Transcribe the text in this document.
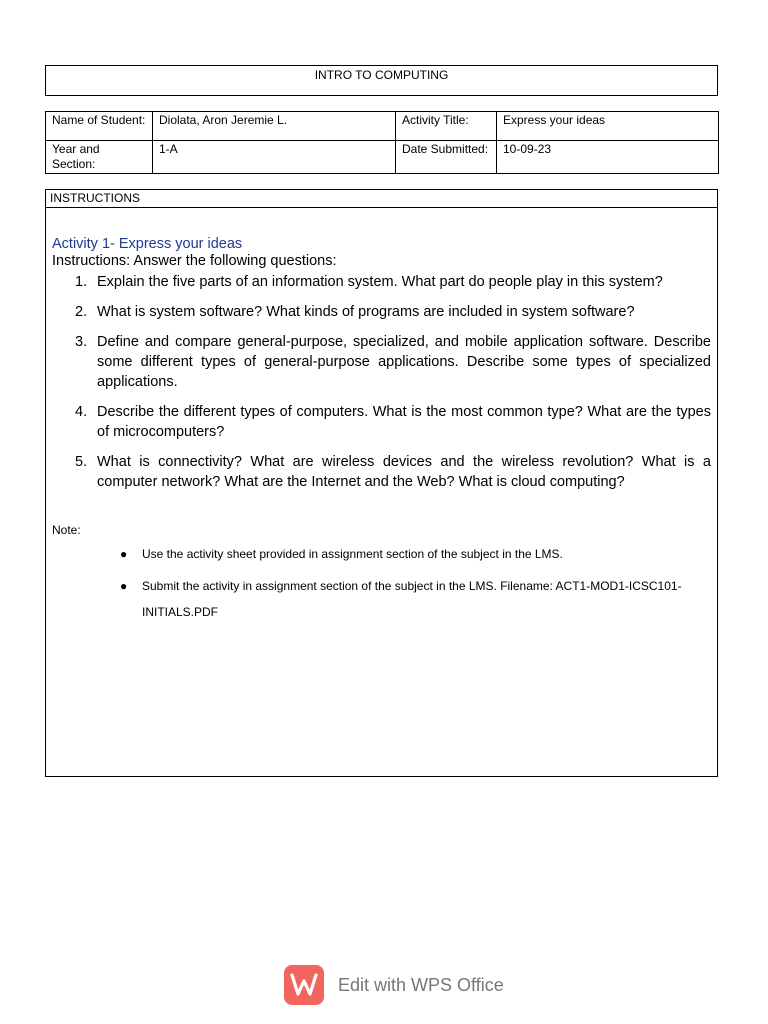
INTRO TO COMPUTING
Name of Student:	Diolata, Aron Jeremie L.	Activity Title:	Express your ideas
Year and Section:	1-A	Date Submitted:	10-09-23
INSTRUCTIONS
Activity 1- Express your ideas
Instructions: Answer the following questions:
1. Explain the five parts of an information system. What part do people play in this system?
2. What is system software? What kinds of programs are included in system software?
3. Define and compare general-purpose, specialized, and mobile application software. Describe some different types of general-purpose applications. Describe some types of specialized applications.
4. Describe the different types of computers. What is the most common type? What are the types of microcomputers?
5. What is connectivity? What are wireless devices and the wireless revolution? What is a computer network? What are the Internet and the Web? What is cloud computing?
Note:
● Use the activity sheet provided in assignment section of the subject in the LMS.
● Submit the activity in assignment section of the subject in the LMS. Filename: ACT1-MOD1-ICSC101-INITIALS.PDF
Edit with WPS Office
